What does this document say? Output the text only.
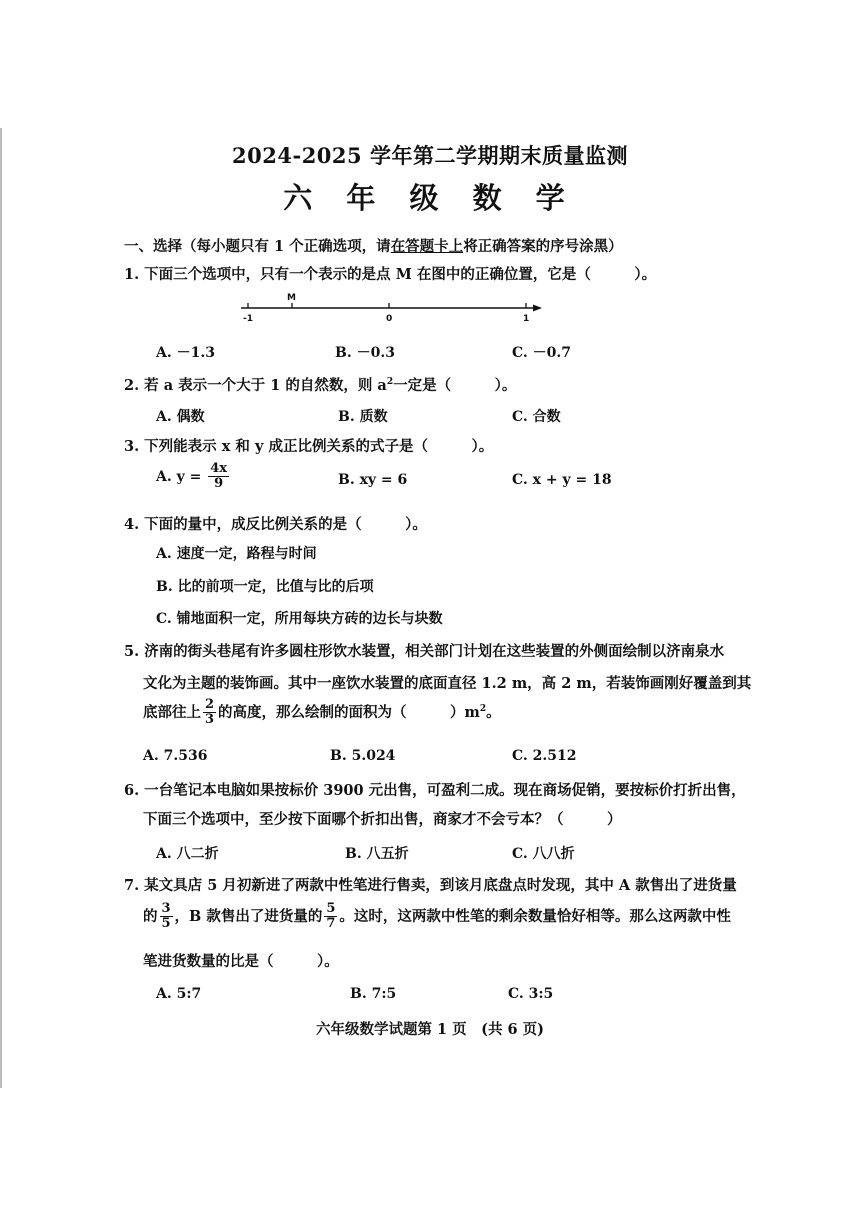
2024-2025 学年第二学期期末质量监测
六 年 级 数 学
一、选择（每小题只有 1 个正确选项，请在答题卡上将正确答案的序号涂黑）
1. 下面三个选项中，只有一个表示的是点 M 在图中的正确位置，它是（　　　）。
M
-1	0	1
A. －1.3	B. －0.3	C. －0.7
2. 若 a 表示一个大于 1 的自然数，则 $a^2$一定是（　　　）。
A. 偶数	B. 质数	C. 合数
3. 下列能表示 x 和 y 成正比例关系的式子是（　　　）。
A. $y = \frac{4x}{9}$	B. xy = 6	C. x + y = 18
4. 下面的量中，成反比例关系的是（　　　）。
A. 速度一定，路程与时间
B. 比的前项一定，比值与比的后项
C. 铺地面积一定，所用每块方砖的边长与块数
5. 济南的街头巷尾有许多圆柱形饮水装置，相关部门计划在这些装置的外侧面绘制以济南泉水
文化为主题的装饰画。其中一座饮水装置的底面直径 1.2 m，高 2 m，若装饰画刚好覆盖到其
底部往上 $\frac{2}{3}$ 的高度，那么绘制的面积为（　　　）$m^2$。
A. 7.536	B. 5.024	C. 2.512
6. 一台笔记本电脑如果按标价 3900 元出售，可盈利二成。现在商场促销，要按标价打折出售，
下面三个选项中，至少按下面哪个折扣出售，商家才不会亏本？（　　　）
A. 八二折	B. 八五折	C. 八八折
7. 某文具店 5 月初新进了两款中性笔进行售卖，到该月底盘点时发现，其中 A 款售出了进货量
的 $\frac{3}{5}$ ，B 款售出了进货量的 $\frac{5}{7}$ 。这时，这两款中性笔的剩余数量恰好相等。那么这两款中性
笔进货数量的比是（　　　）。
A. 5:7	B. 7:5	C. 3:5
六年级数学试题第 1 页　(共 6 页)
